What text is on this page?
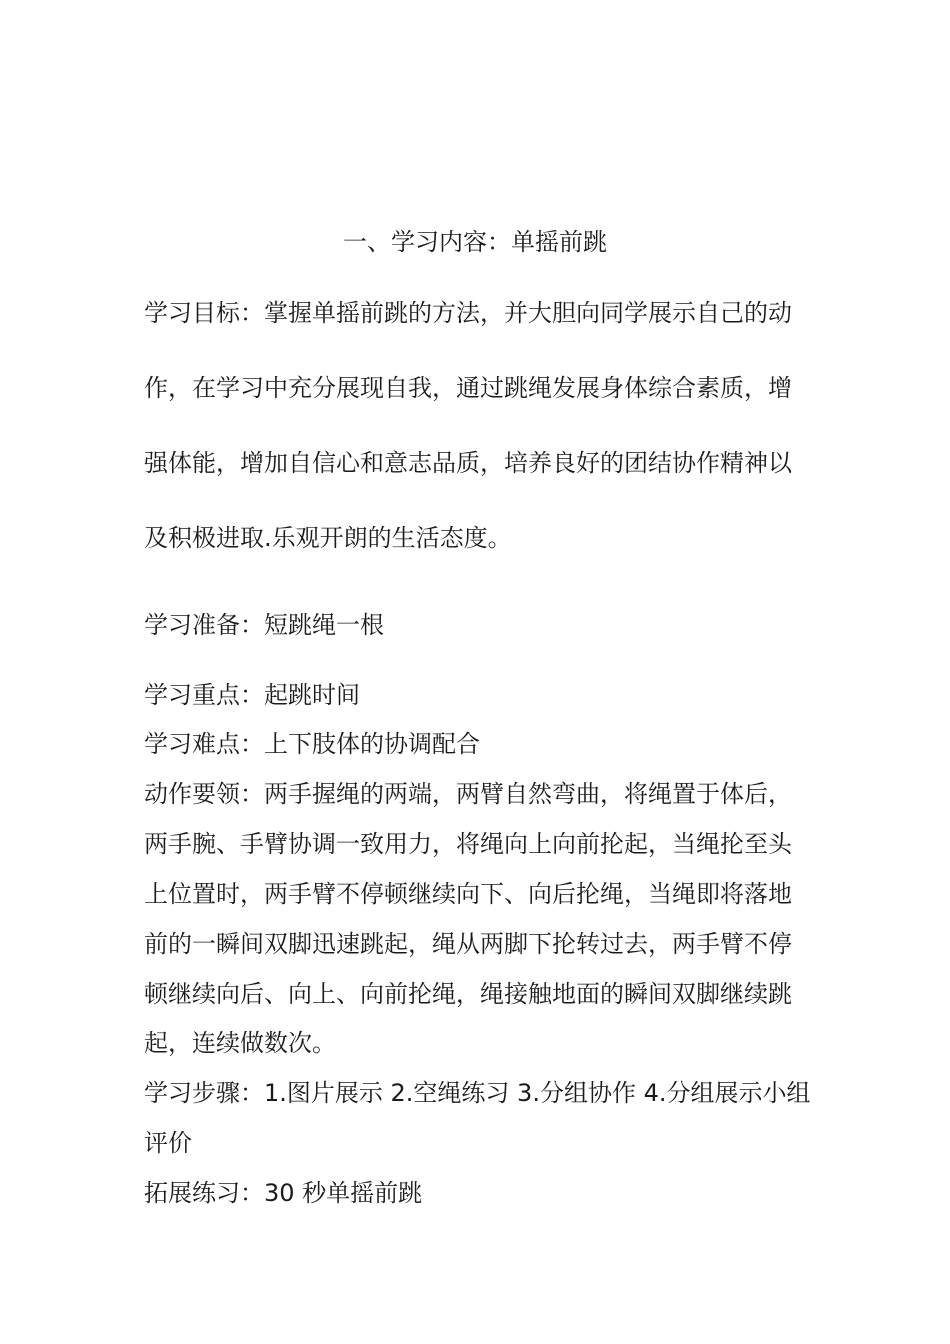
一、学习内容：单摇前跳
学习目标：掌握单摇前跳的方法，并大胆向同学展示自己的动
作，在学习中充分展现自我，通过跳绳发展身体综合素质，增
强体能，增加自信心和意志品质，培养良好的团结协作精神以
及积极进取.乐观开朗的生活态度。
学习准备：短跳绳一根
学习重点：起跳时间
学习难点：上下肢体的协调配合
动作要领：两手握绳的两端，两臂自然弯曲，将绳置于体后，
两手腕、手臂协调一致用力，将绳向上向前抡起，当绳抡至头
上位置时，两手臂不停顿继续向下、向后抡绳，当绳即将落地
前的一瞬间双脚迅速跳起，绳从两脚下抡转过去，两手臂不停
顿继续向后、向上、向前抡绳，绳接触地面的瞬间双脚继续跳
起，连续做数次。
学习步骤：1.图片展示 2.空绳练习 3.分组协作 4.分组展示小组
评价
拓展练习：30 秒单摇前跳
